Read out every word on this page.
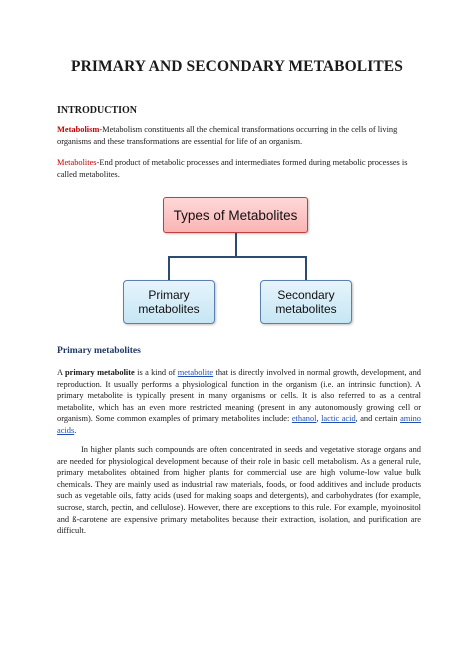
PRIMARY AND SECONDARY METABOLITES
INTRODUCTION
Metabolism-Metabolism constituents all the chemical transformations occurring in the cells of living organisms and these transformations are essential for life of an organism.
Metabolites-End product of metabolic processes and intermediates formed during metabolic processes is called metabolites.
Types of Metabolites
Primary metabolites
Secondary metabolites
Primary metabolites
A primary metabolite is a kind of metabolite that is directly involved in normal growth, development, and reproduction. It usually performs a physiological function in the organism (i.e. an intrinsic function). A primary metabolite is typically present in many organisms or cells. It is also referred to as a central metabolite, which has an even more restricted meaning (present in any autonomously growing cell or organism). Some common examples of primary metabolites include: ethanol, lactic acid, and certain amino acids.
In higher plants such compounds are often concentrated in seeds and vegetative storage organs and are needed for physiological development because of their role in basic cell metabolism. As a general rule, primary metabolites obtained from higher plants for commercial use are high volume-low value bulk chemicals. They are mainly used as industrial raw materials, foods, or food additives and include products such as vegetable oils, fatty acids (used for making soaps and detergents), and carbohydrates (for example, sucrose, starch, pectin, and cellulose). However, there are exceptions to this rule. For example, myoinositol and ß-carotene are expensive primary metabolites because their extraction, isolation, and purification are difficult.
